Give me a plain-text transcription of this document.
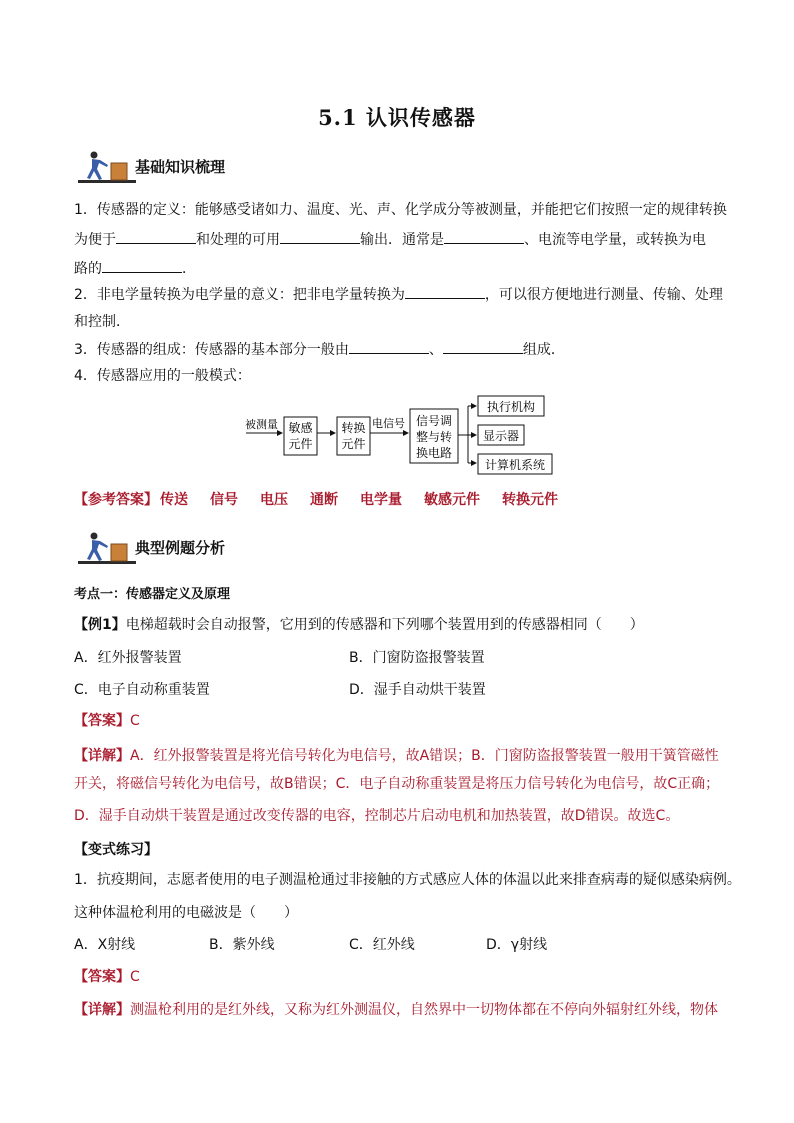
5.1 认识传感器
基础知识梳理
1．传感器的定义：能够感受诸如力、温度、光、声、化学成分等被测量，并能把它们按照一定的规律转换
为便于	和处理的可用	输出．通常是	、电流等电学量，或转换为电
路的	．
2．非电学量转换为电学量的意义：把非电学量转换为	，可以很方便地进行测量、传输、处理
和控制．
3．传感器的组成：传感器的基本部分一般由	、	组成．
4．传感器应用的一般模式：
被测量 敏感
元件
转换
元件
电信号 信号调
整与转
换电路
执行机构
显示器
计算机系统
【参考答案】 传送 信号 电压 通断 电学量 敏感元件 转换元件
典型例题分析
考点一：传感器定义及原理
【例1】电梯超载时会自动报警，它用到的传感器和下列哪个装置用到的传感器相同（　　）
A．红外报警装置	B．门窗防盗报警装置
C．电子自动称重装置	D．湿手自动烘干装置
【答案】C
【详解】A．红外报警装置是将光信号转化为电信号，故A错误；B．门窗防盗报警装置一般用干簧管磁性
开关，将磁信号转化为电信号，故B错误；C．电子自动称重装置是将压力信号转化为电信号，故C正确；
D．湿手自动烘干装置是通过改变传器的电容，控制芯片启动电机和加热装置，故D错误。故选C。
【变式练习】
1．抗疫期间，志愿者使用的电子测温枪通过非接触的方式感应人体的体温以此来排查病毒的疑似感染病例。
这种体温枪利用的电磁波是（　　）
A．X射线	B．紫外线	C．红外线	D．γ射线
【答案】C
【详解】测温枪利用的是红外线，又称为红外测温仪，自然界中一切物体都在不停向外辐射红外线，物体
